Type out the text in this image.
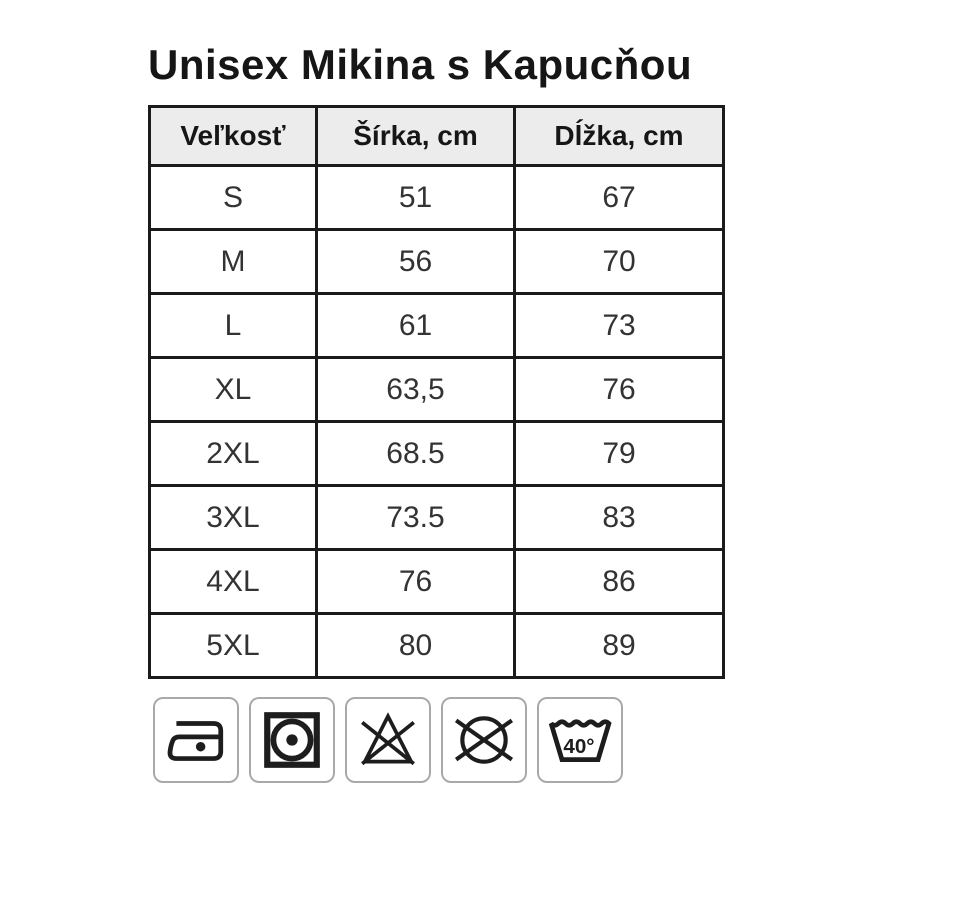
Unisex Mikina s Kapucňou
Veľkosť	Šírka, cm	Dĺžka, cm
S	51	67
M	56	70
L	61	73
XL	63,5	76
2XL	68.5	79
3XL	73.5	83
4XL	76	86
5XL	80	89
40°
